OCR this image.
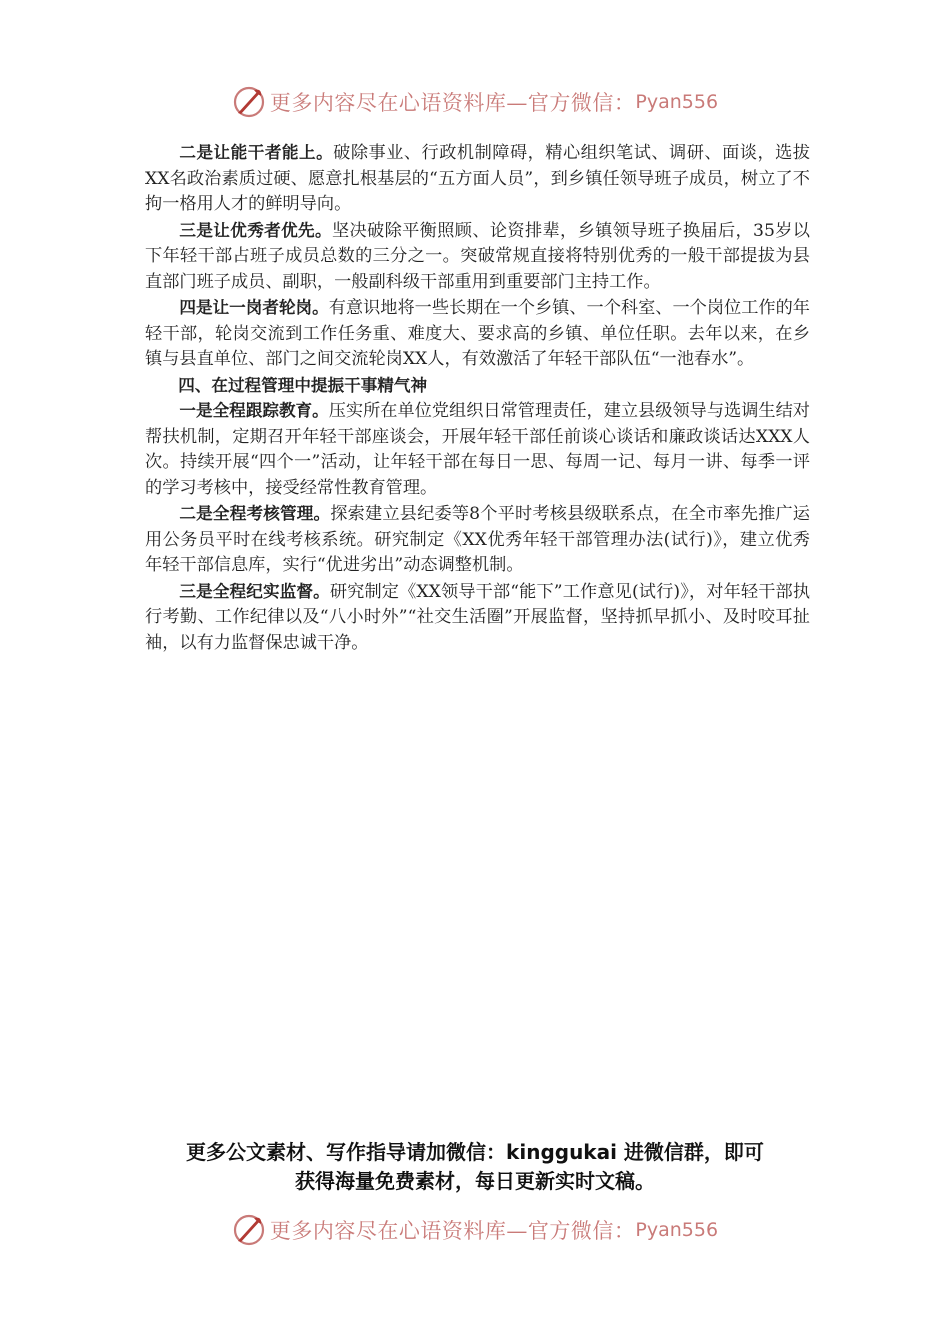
更多内容尽在心语资料库—官方微信： Pyan556

二是让能干者能上。破除事业、行政机制障碍，精心组织笔试、调研、面谈，选拔XX名政治素质过硬、愿意扎根基层的“五方面人员”，到乡镇任领导班子成员，树立了不拘一格用人才的鲜明导向。

三是让优秀者优先。坚决破除平衡照顾、论资排辈，乡镇领导班子换届后，35岁以下年轻干部占班子成员总数的三分之一。突破常规直接将特别优秀的一般干部提拔为县直部门班子成员、副职，一般副科级干部重用到重要部门主持工作。

四是让一岗者轮岗。有意识地将一些长期在一个乡镇、一个科室、一个岗位工作的年轻干部，轮岗交流到工作任务重、难度大、要求高的乡镇、单位任职。去年以来，在乡镇与县直单位、部门之间交流轮岗XX人，有效激活了年轻干部队伍“一池春水”。

四、在过程管理中提振干事精气神

一是全程跟踪教育。压实所在单位党组织日常管理责任，建立县级领导与选调生结对帮扶机制，定期召开年轻干部座谈会，开展年轻干部任前谈心谈话和廉政谈话达XXX人次。持续开展“四个一”活动，让年轻干部在每日一思、每周一记、每月一讲、每季一评的学习考核中，接受经常性教育管理。

二是全程考核管理。探索建立县纪委等8个平时考核县级联系点，在全市率先推广运用公务员平时在线考核系统。研究制定《XX优秀年轻干部管理办法(试行)》，建立优秀年轻干部信息库，实行“优进劣出”动态调整机制。

三是全程纪实监督。研究制定《XX领导干部“能下”工作意见(试行)》，对年轻干部执行考勤、工作纪律以及“八小时外”“社交生活圈”开展监督，坚持抓早抓小、及时咬耳扯袖，以有力监督保忠诚干净。

更多公文素材、写作指导请加微信：kinggukai 进微信群，即可
获得海量免费素材，每日更新实时文稿。
更多内容尽在心语资料库—官方微信： Pyan556
